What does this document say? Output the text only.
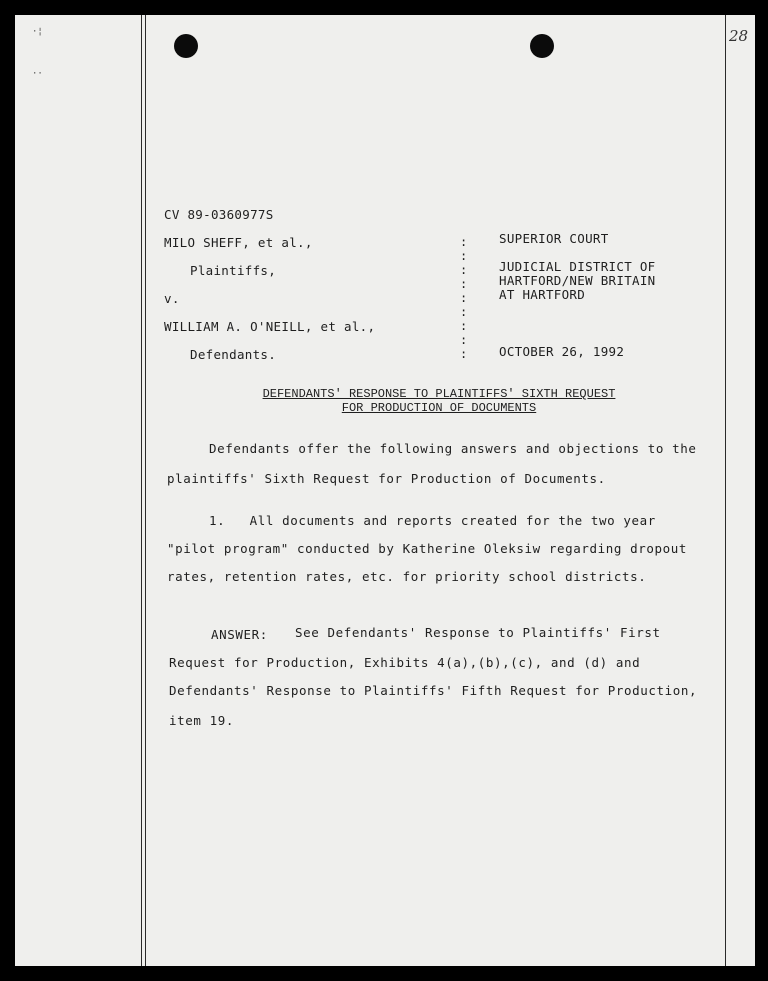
28
·¦
··
CV 89-0360977S
MILO SHEFF, et al.,
Plaintiffs,
v.
WILLIAM A. O'NEILL, et al.,
Defendants.
:
:
:
:
:
:
:
:
:
SUPERIOR COURT
JUDICIAL DISTRICT OF
HARTFORD/NEW BRITAIN
AT HARTFORD
OCTOBER 26, 1992
DEFENDANTS' RESPONSE TO PLAINTIFFS' SIXTH REQUEST
FOR PRODUCTION OF DOCUMENTS
Defendants offer the following answers and objections to the
plaintiffs' Sixth Request for Production of Documents.
1.   All documents and reports created for the two year
"pilot program" conducted by Katherine Oleksiw regarding dropout
rates, retention rates, etc. for priority school districts.
ANSWER: See Defendants' Response to Plaintiffs' First
Request for Production, Exhibits 4(a),(b),(c), and (d) and
Defendants' Response to Plaintiffs' Fifth Request for Production,
item 19.
